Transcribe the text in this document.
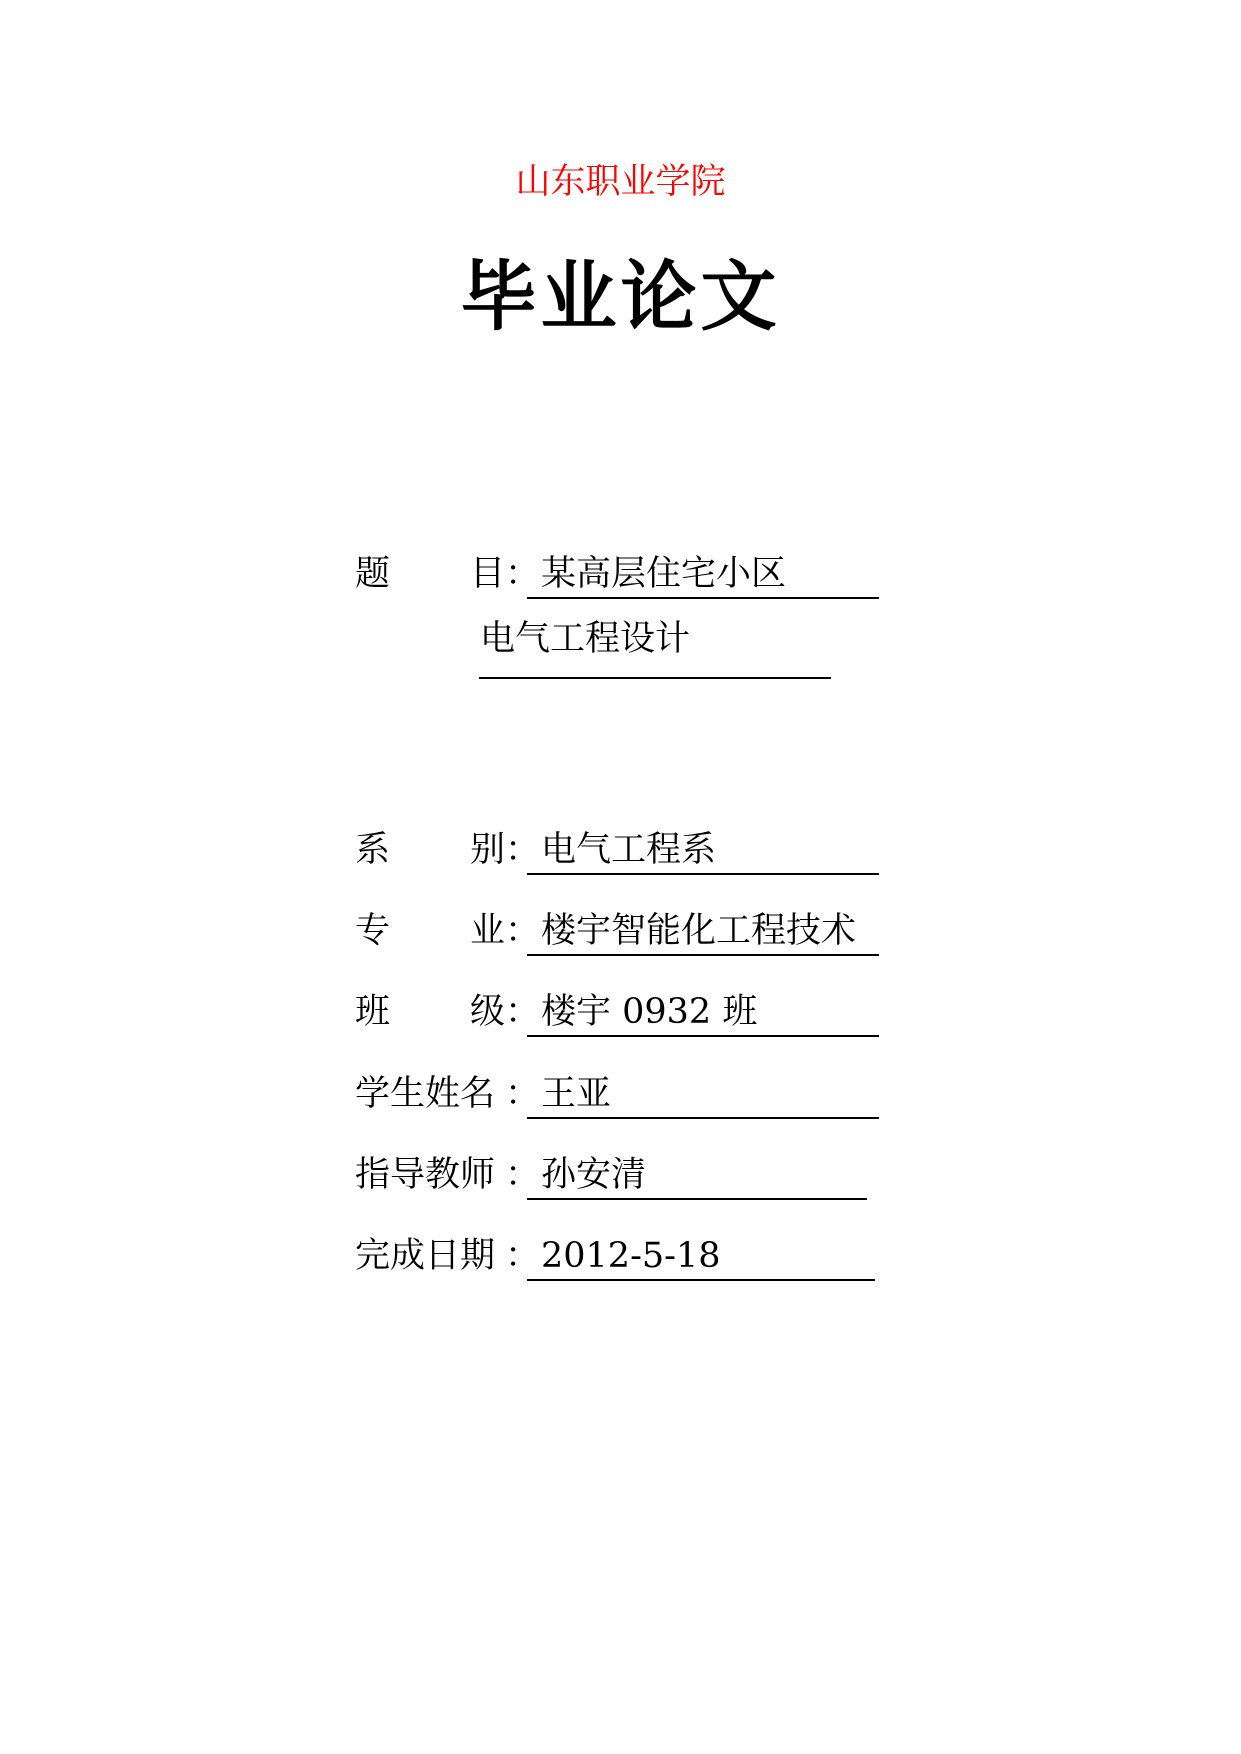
山东职业学院
毕业论文
题 目 ： 某高层住宅小区
电气工程设计
系 别 ： 电气工程系
专 业 ： 楼宇智能化工程技术
班 级 ： 楼宇 0932 班
学生姓名 ： 王亚
指导教师 ： 孙安清
完成日期 ： 2012-5-18
